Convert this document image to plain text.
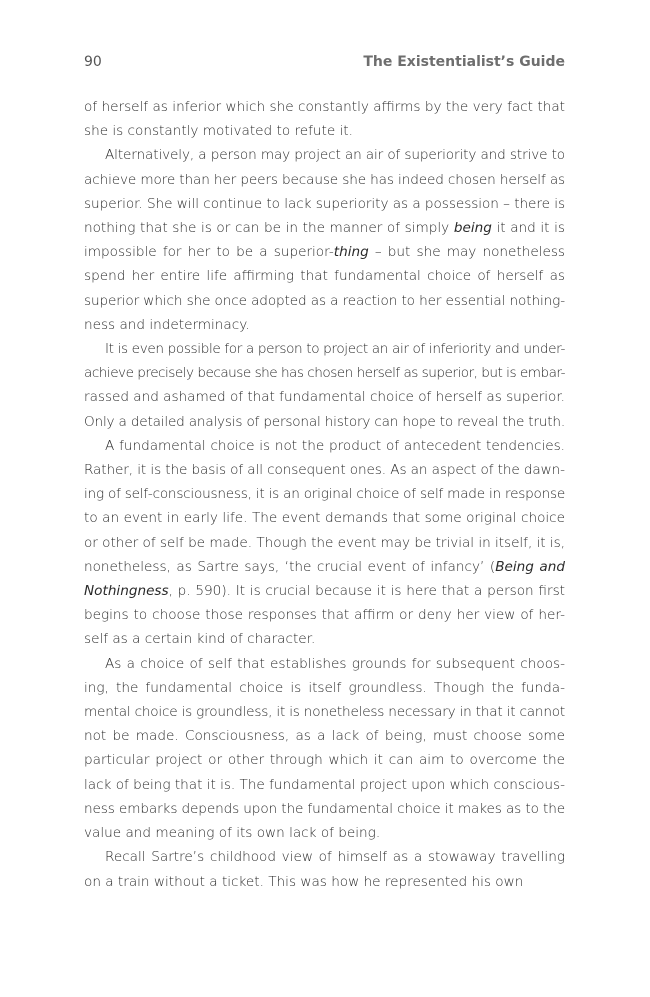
90	The Existentialist’s Guide

of herself as inferior which she constantly affirms by the very fact that
she is constantly motivated to refute it.

Alternatively, a person may project an air of superiority and strive to
achieve more than her peers because she has indeed chosen herself as
superior. She will continue to lack superiority as a possession – there is
nothing that she is or can be in the manner of simply being it and it is
impossible for her to be a superior-thing – but she may nonetheless
spend her entire life affirming that fundamental choice of herself as
superior which she once adopted as a reaction to her essential nothing-
ness and indeterminacy.

It is even possible for a person to project an air of inferiority and under-
achieve precisely because she has chosen herself as superior, but is embar-
rassed and ashamed of that fundamental choice of herself as superior.
Only a detailed analysis of personal history can hope to reveal the truth.

A fundamental choice is not the product of antecedent tendencies.
Rather, it is the basis of all consequent ones. As an aspect of the dawn-
ing of self-consciousness, it is an original choice of self made in response
to an event in early life. The event demands that some original choice
or other of self be made. Though the event may be trivial in itself, it is,
nonetheless, as Sartre says, ‘the crucial event of infancy’ (Being and
Nothingness, p. 590). It is crucial because it is here that a person first
begins to choose those responses that affirm or deny her view of her-
self as a certain kind of character.

As a choice of self that establishes grounds for subsequent choos-
ing, the fundamental choice is itself groundless. Though the funda-
mental choice is groundless, it is nonetheless necessary in that it cannot
not be made. Consciousness, as a lack of being, must choose some
particular project or other through which it can aim to overcome the
lack of being that it is. The fundamental project upon which conscious-
ness embarks depends upon the fundamental choice it makes as to the
value and meaning of its own lack of being.

Recall Sartre’s childhood view of himself as a stowaway travelling
on a train without a ticket. This was how he represented his own
